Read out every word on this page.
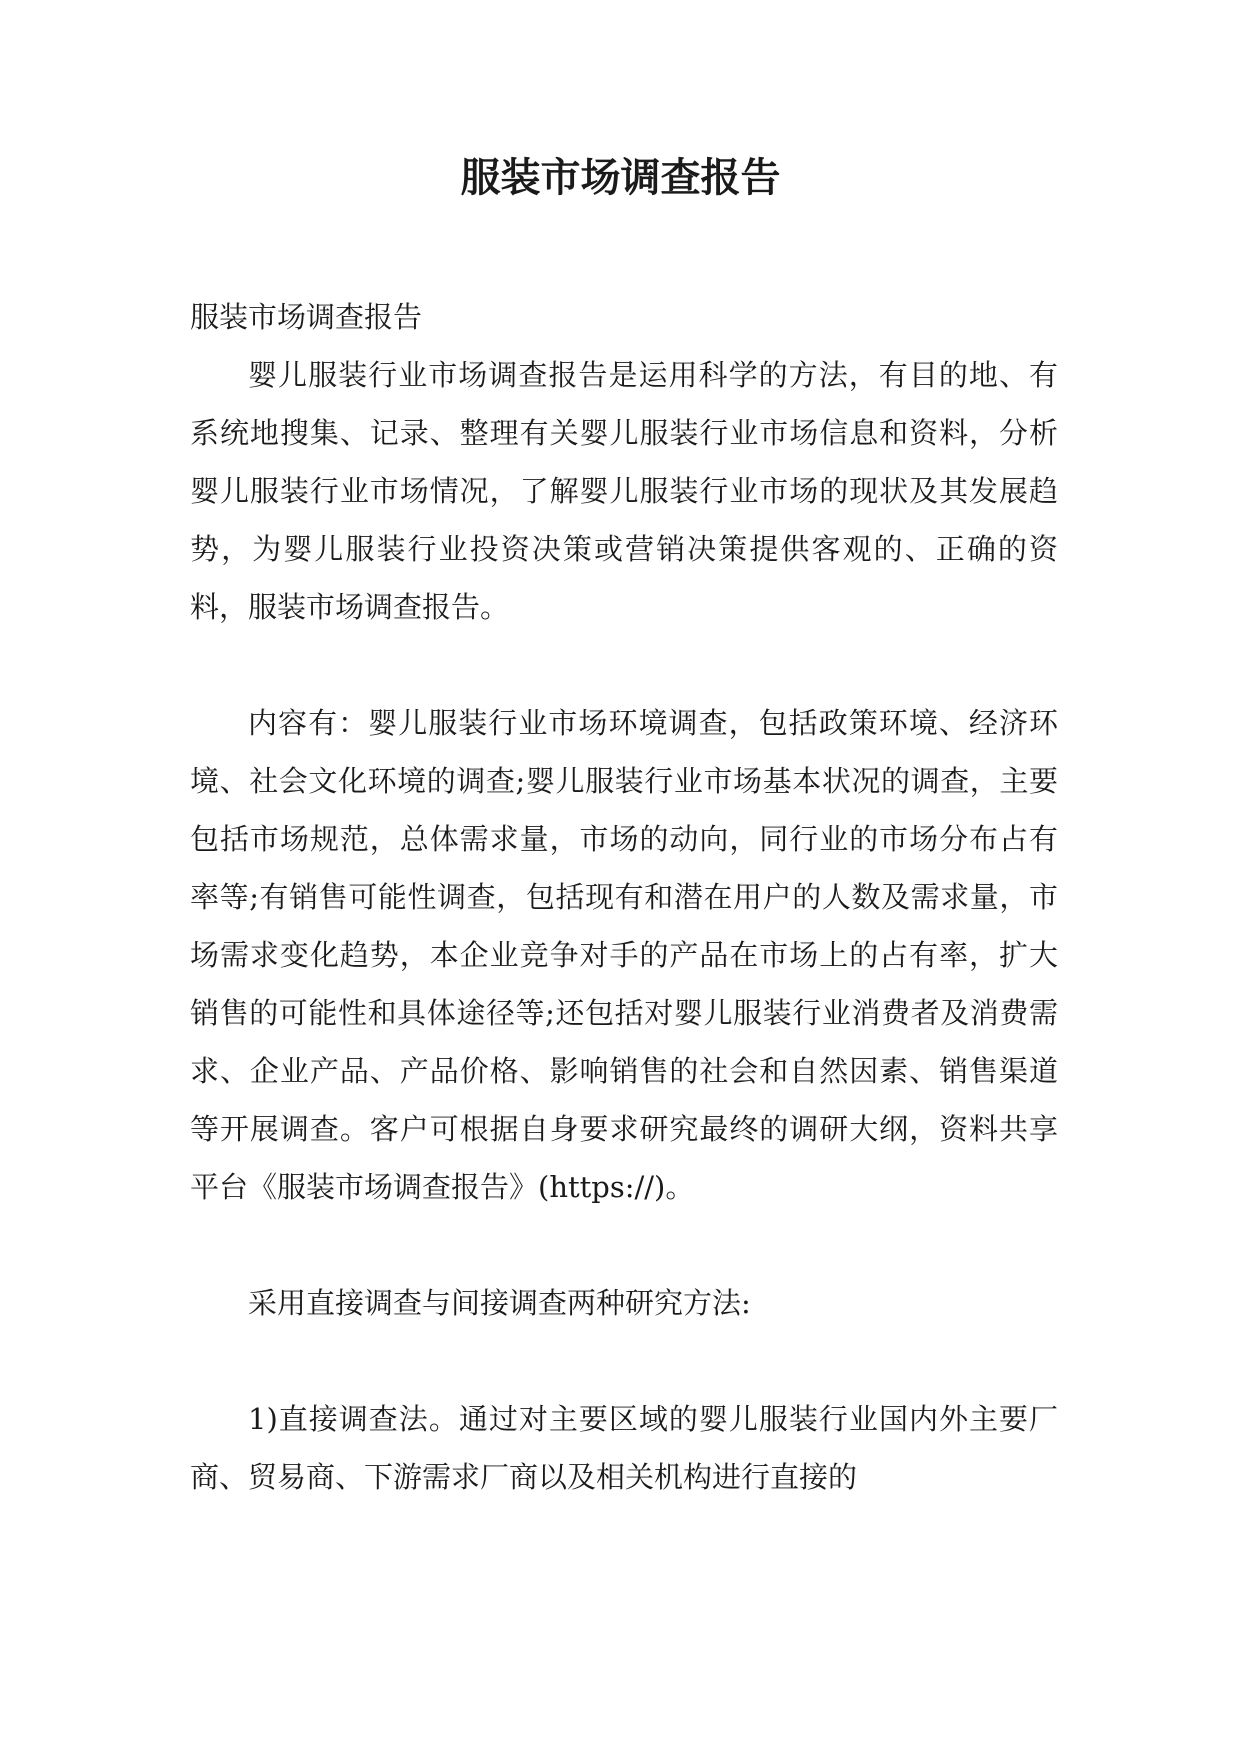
服装市场调查报告

服装市场调查报告

婴儿服装行业市场调查报告是运用科学的方法，有目的地、有系统地搜集、记录、整理有关婴儿服装行业市场信息和资料，分析婴儿服装行业市场情况，了解婴儿服装行业市场的现状及其发展趋势，为婴儿服装行业投资决策或营销决策提供客观的、正确的资料，服装市场调查报告。

内容有：婴儿服装行业市场环境调查，包括政策环境、经济环境、社会文化环境的调查;婴儿服装行业市场基本状况的调查，主要包括市场规范，总体需求量，市场的动向，同行业的市场分布占有率等;有销售可能性调查，包括现有和潜在用户的人数及需求量，市场需求变化趋势，本企业竞争对手的产品在市场上的占有率，扩大销售的可能性和具体途径等;还包括对婴儿服装行业消费者及消费需求、企业产品、产品价格、影响销售的社会和自然因素、销售渠道等开展调查。客户可根据自身要求研究最终的调研大纲，资料共享平台《服装市场调查报告》(https://)。

采用直接调查与间接调查两种研究方法:

1)直接调查法。通过对主要区域的婴儿服装行业国内外主要厂商、贸易商、下游需求厂商以及相关机构进行直接的
